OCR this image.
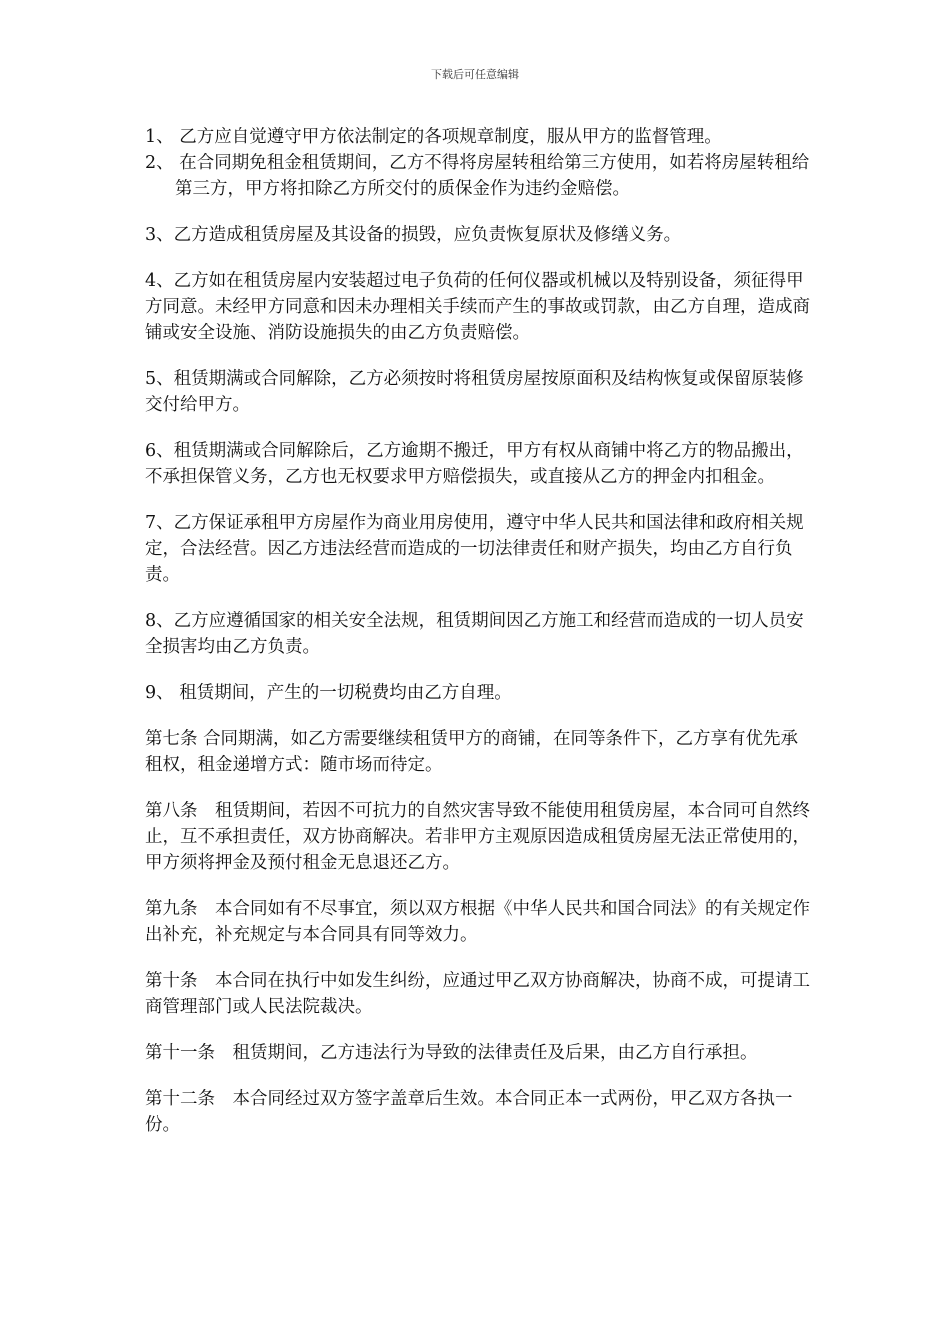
下载后可任意编辑

1、 乙方应自觉遵守甲方依法制定的各项规章制度，服从甲方的监督管理。

2、 在合同期免租金租赁期间，乙方不得将房屋转租给第三方使用，如若将房屋转租给第三方，甲方将扣除乙方所交付的质保金作为违约金赔偿。

3、乙方造成租赁房屋及其设备的损毁，应负责恢复原状及修缮义务。

4、乙方如在租赁房屋内安装超过电子负荷的任何仪器或机械以及特别设备，须征得甲方同意。未经甲方同意和因未办理相关手续而产生的事故或罚款，由乙方自理，造成商铺或安全设施、消防设施损失的由乙方负责赔偿。

5、租赁期满或合同解除，乙方必须按时将租赁房屋按原面积及结构恢复或保留原装修交付给甲方。

6、租赁期满或合同解除后，乙方逾期不搬迁，甲方有权从商铺中将乙方的物品搬出，不承担保管义务，乙方也无权要求甲方赔偿损失，或直接从乙方的押金内扣租金。

7、乙方保证承租甲方房屋作为商业用房使用，遵守中华人民共和国法律和政府相关规定，合法经营。因乙方违法经营而造成的一切法律责任和财产损失，均由乙方自行负责。

8、乙方应遵循国家的相关安全法规，租赁期间因乙方施工和经营而造成的一切人员安全损害均由乙方负责。

9、 租赁期间，产生的一切税费均由乙方自理。

第七条 合同期满，如乙方需要继续租赁甲方的商铺，在同等条件下，乙方享有优先承租权，租金递增方式：随市场而待定。

第八条　租赁期间，若因不可抗力的自然灾害导致不能使用租赁房屋，本合同可自然终止，互不承担责任，双方协商解决。若非甲方主观原因造成租赁房屋无法正常使用的，甲方须将押金及预付租金无息退还乙方。

第九条　本合同如有不尽事宜，须以双方根据《中华人民共和国合同法》的有关规定作出补充，补充规定与本合同具有同等效力。

第十条　本合同在执行中如发生纠纷，应通过甲乙双方协商解决，协商不成，可提请工商管理部门或人民法院裁决。

第十一条　租赁期间，乙方违法行为导致的法律责任及后果，由乙方自行承担。

第十二条　本合同经过双方签字盖章后生效。本合同正本一式两份，甲乙双方各执一份。
